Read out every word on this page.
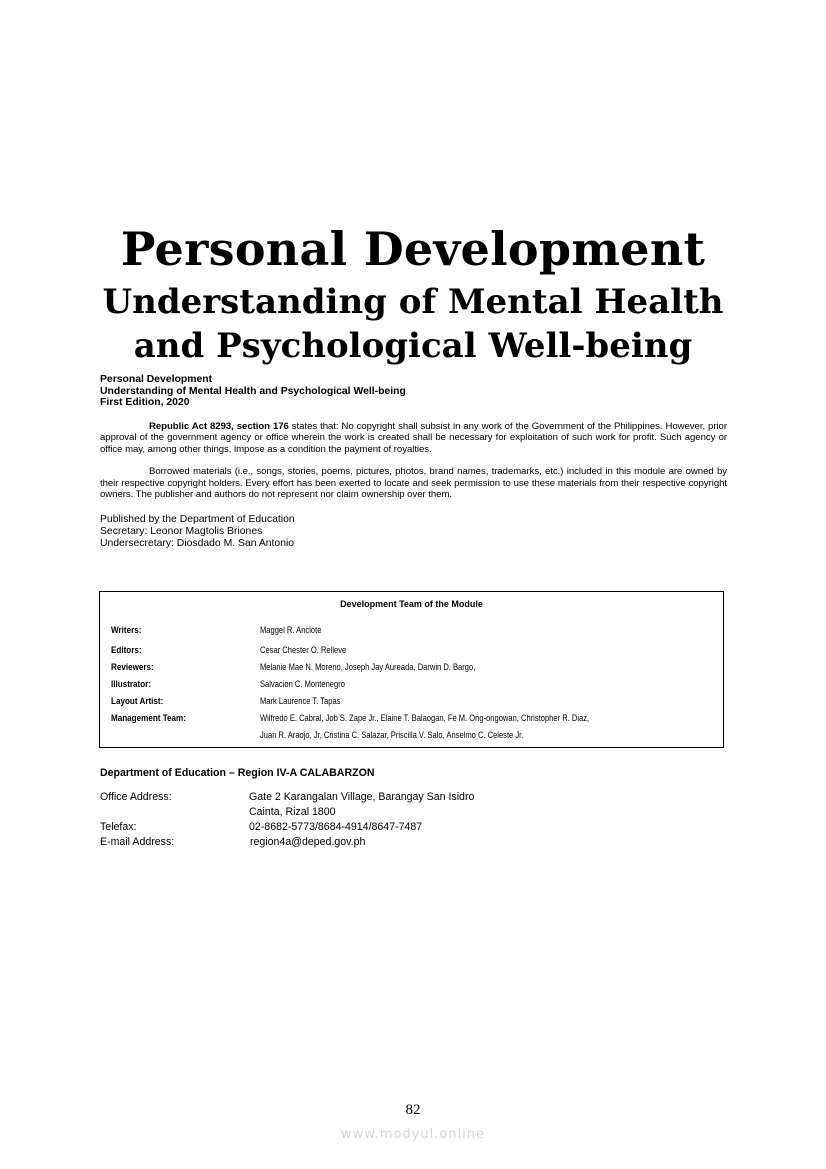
Personal Development
Understanding of Mental Health
and Psychological Well-being
Personal Development
Understanding of Mental Health and Psychological Well-being
First Edition, 2020

Republic Act 8293, section 176 states that: No copyright shall subsist in any work of the Government of the Philippines. However, prior approval of the government agency or office wherein the work is created shall be necessary for exploitation of such work for profit. Such agency or office may, among other things, impose as a condition the payment of royalties.

Borrowed materials (i.e., songs, stories, poems, pictures, photos, brand names, trademarks, etc.) included in this module are owned by their respective copyright holders. Every effort has been exerted to locate and seek permission to use these materials from their respective copyright owners. The publisher and authors do not represent nor claim ownership over them.

Published by the Department of Education
Secretary: Leonor Magtolis Briones
Undersecretary: Diosdado M. San Antonio
Development Team of the Module
Writers:	Maggel R. Anclote
Editors:	Cesar Chester O. Relleve
Reviewers:	Melanie Mae N. Moreno, Joseph Jay Aureada, Darwin D. Bargo,
Illustrator:	Salvacion C. Montenegro
Layout Artist:	Mark Laurence T. Tapas
Management Team:	Wilfredo E. Cabral, Job S. Zape Jr., Elaine T. Balaogan, Fe M. Ong-ongowan, Christopher R. Diaz,
Juan R. Araojo, Jr, Cristina C. Salazar, Priscilla V. Salo, Anselmo C. Celeste Jr.
Department of Education – Region IV-A CALABARZON
Office Address:	Gate 2 Karangalan Village, Barangay San Isidro
Cainta, Rizal 1800
Telefax:	02-8682-5773/8684-4914/8647-7487
E-mail Address:	region4a@deped.gov.ph
82
www.modyul.online
